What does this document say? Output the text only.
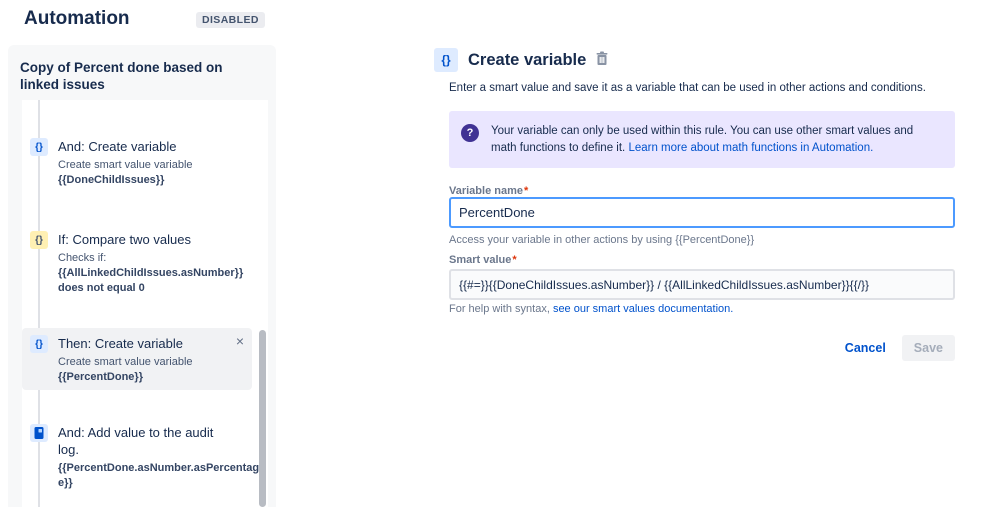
Automation	DISABLED
Copy of Percent done based on linked issues
{}	And: Create variable
Create smart value variable
{{DoneChildIssues}}
{}	If: Compare two values
Checks if:
{{AllLinkedChildIssues.asNumber}}
does not equal 0
{}	Then: Create variable
Create smart value variable
{{PercentDone}}
×
And: Add value to the audit log.
{{PercentDone.asNumber.asPercentage}}
{}	Create variable
Enter a smart value and save it as a variable that can be used in other actions and conditions.
?	Your variable can only be used within this rule. You can use other smart values and math functions to define it. Learn more about math functions in Automation.
Variable name*
PercentDone
Access your variable in other actions by using {{PercentDone}}
Smart value*
{{#=}}{{DoneChildIssues.asNumber}} / {{AllLinkedChildIssues.asNumber}}{{/}}
For help with syntax, see our smart values documentation.
Cancel	Save
